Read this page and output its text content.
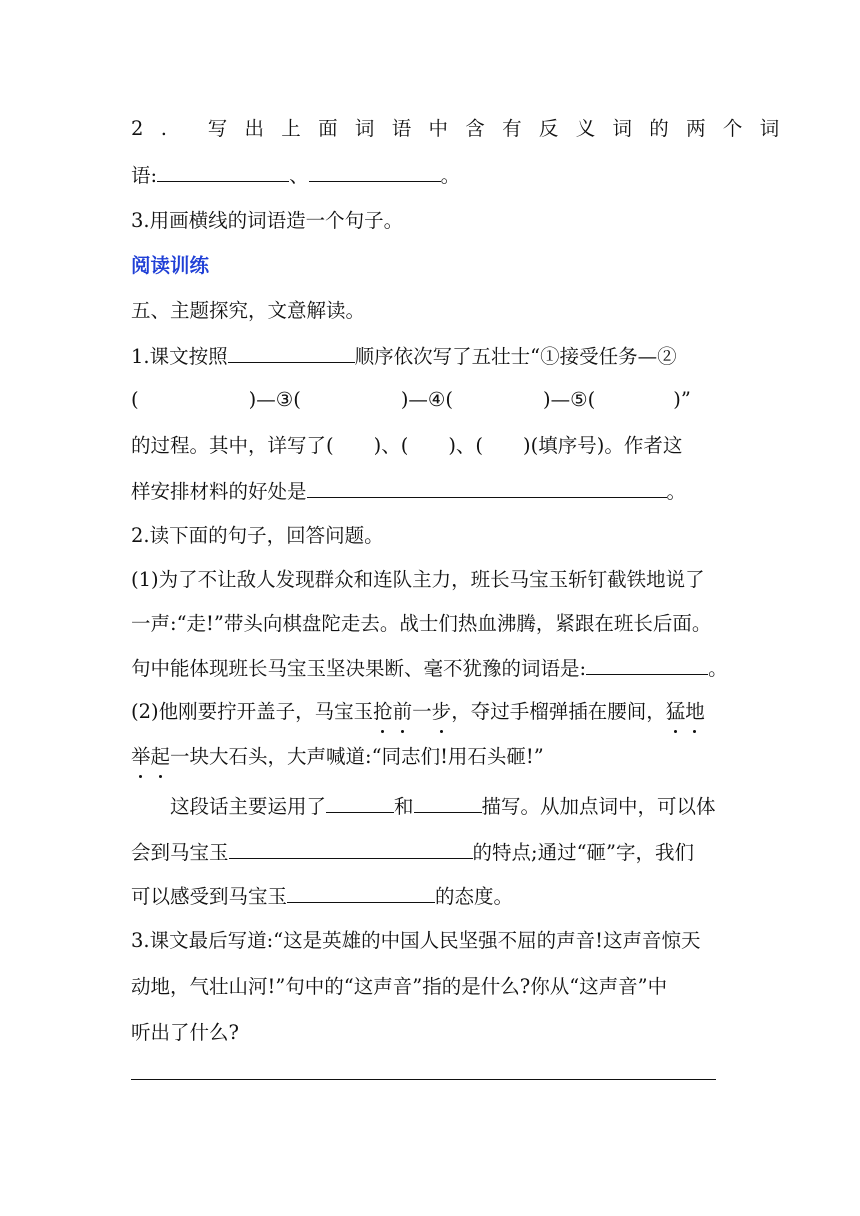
2. 写出上面词语中含有反义词的两个词
语:	、	。
3.用画横线的词语造一个句子。
阅读训练
五、主题探究，文意解读。
1.课文按照	顺序依次写了五壮士“①接受任务—②
(	)—③(	)—④(	)—⑤(	)”
的过程。其中，详写了( )、( )、( )(填序号)。作者这
样安排材料的好处是	。
2.读下面的句子，回答问题。
(1)为了不让敌人发现群众和连队主力，班长马宝玉斩钉截铁地说了
一声:“走!”带头向棋盘陀走去。战士们热血沸腾，紧跟在班长后面。
句中能体现班长马宝玉坚决果断、毫不犹豫的词语是:	。
(2)他刚要拧开盖子，马宝玉抢前一步，夺过手榴弹插在腰间，猛地
举起一块大石头，大声喊道:“同志们!用石头砸!”
这段话主要运用了	和	描写。从加点词中，可以体
会到马宝玉	的特点;通过“砸”字，我们
可以感受到马宝玉	的态度。
3.课文最后写道:“这是英雄的中国人民坚强不屈的声音!这声音惊天
动地，气壮山河!”句中的“这声音”指的是什么?你从“这声音”中
听出了什么?
